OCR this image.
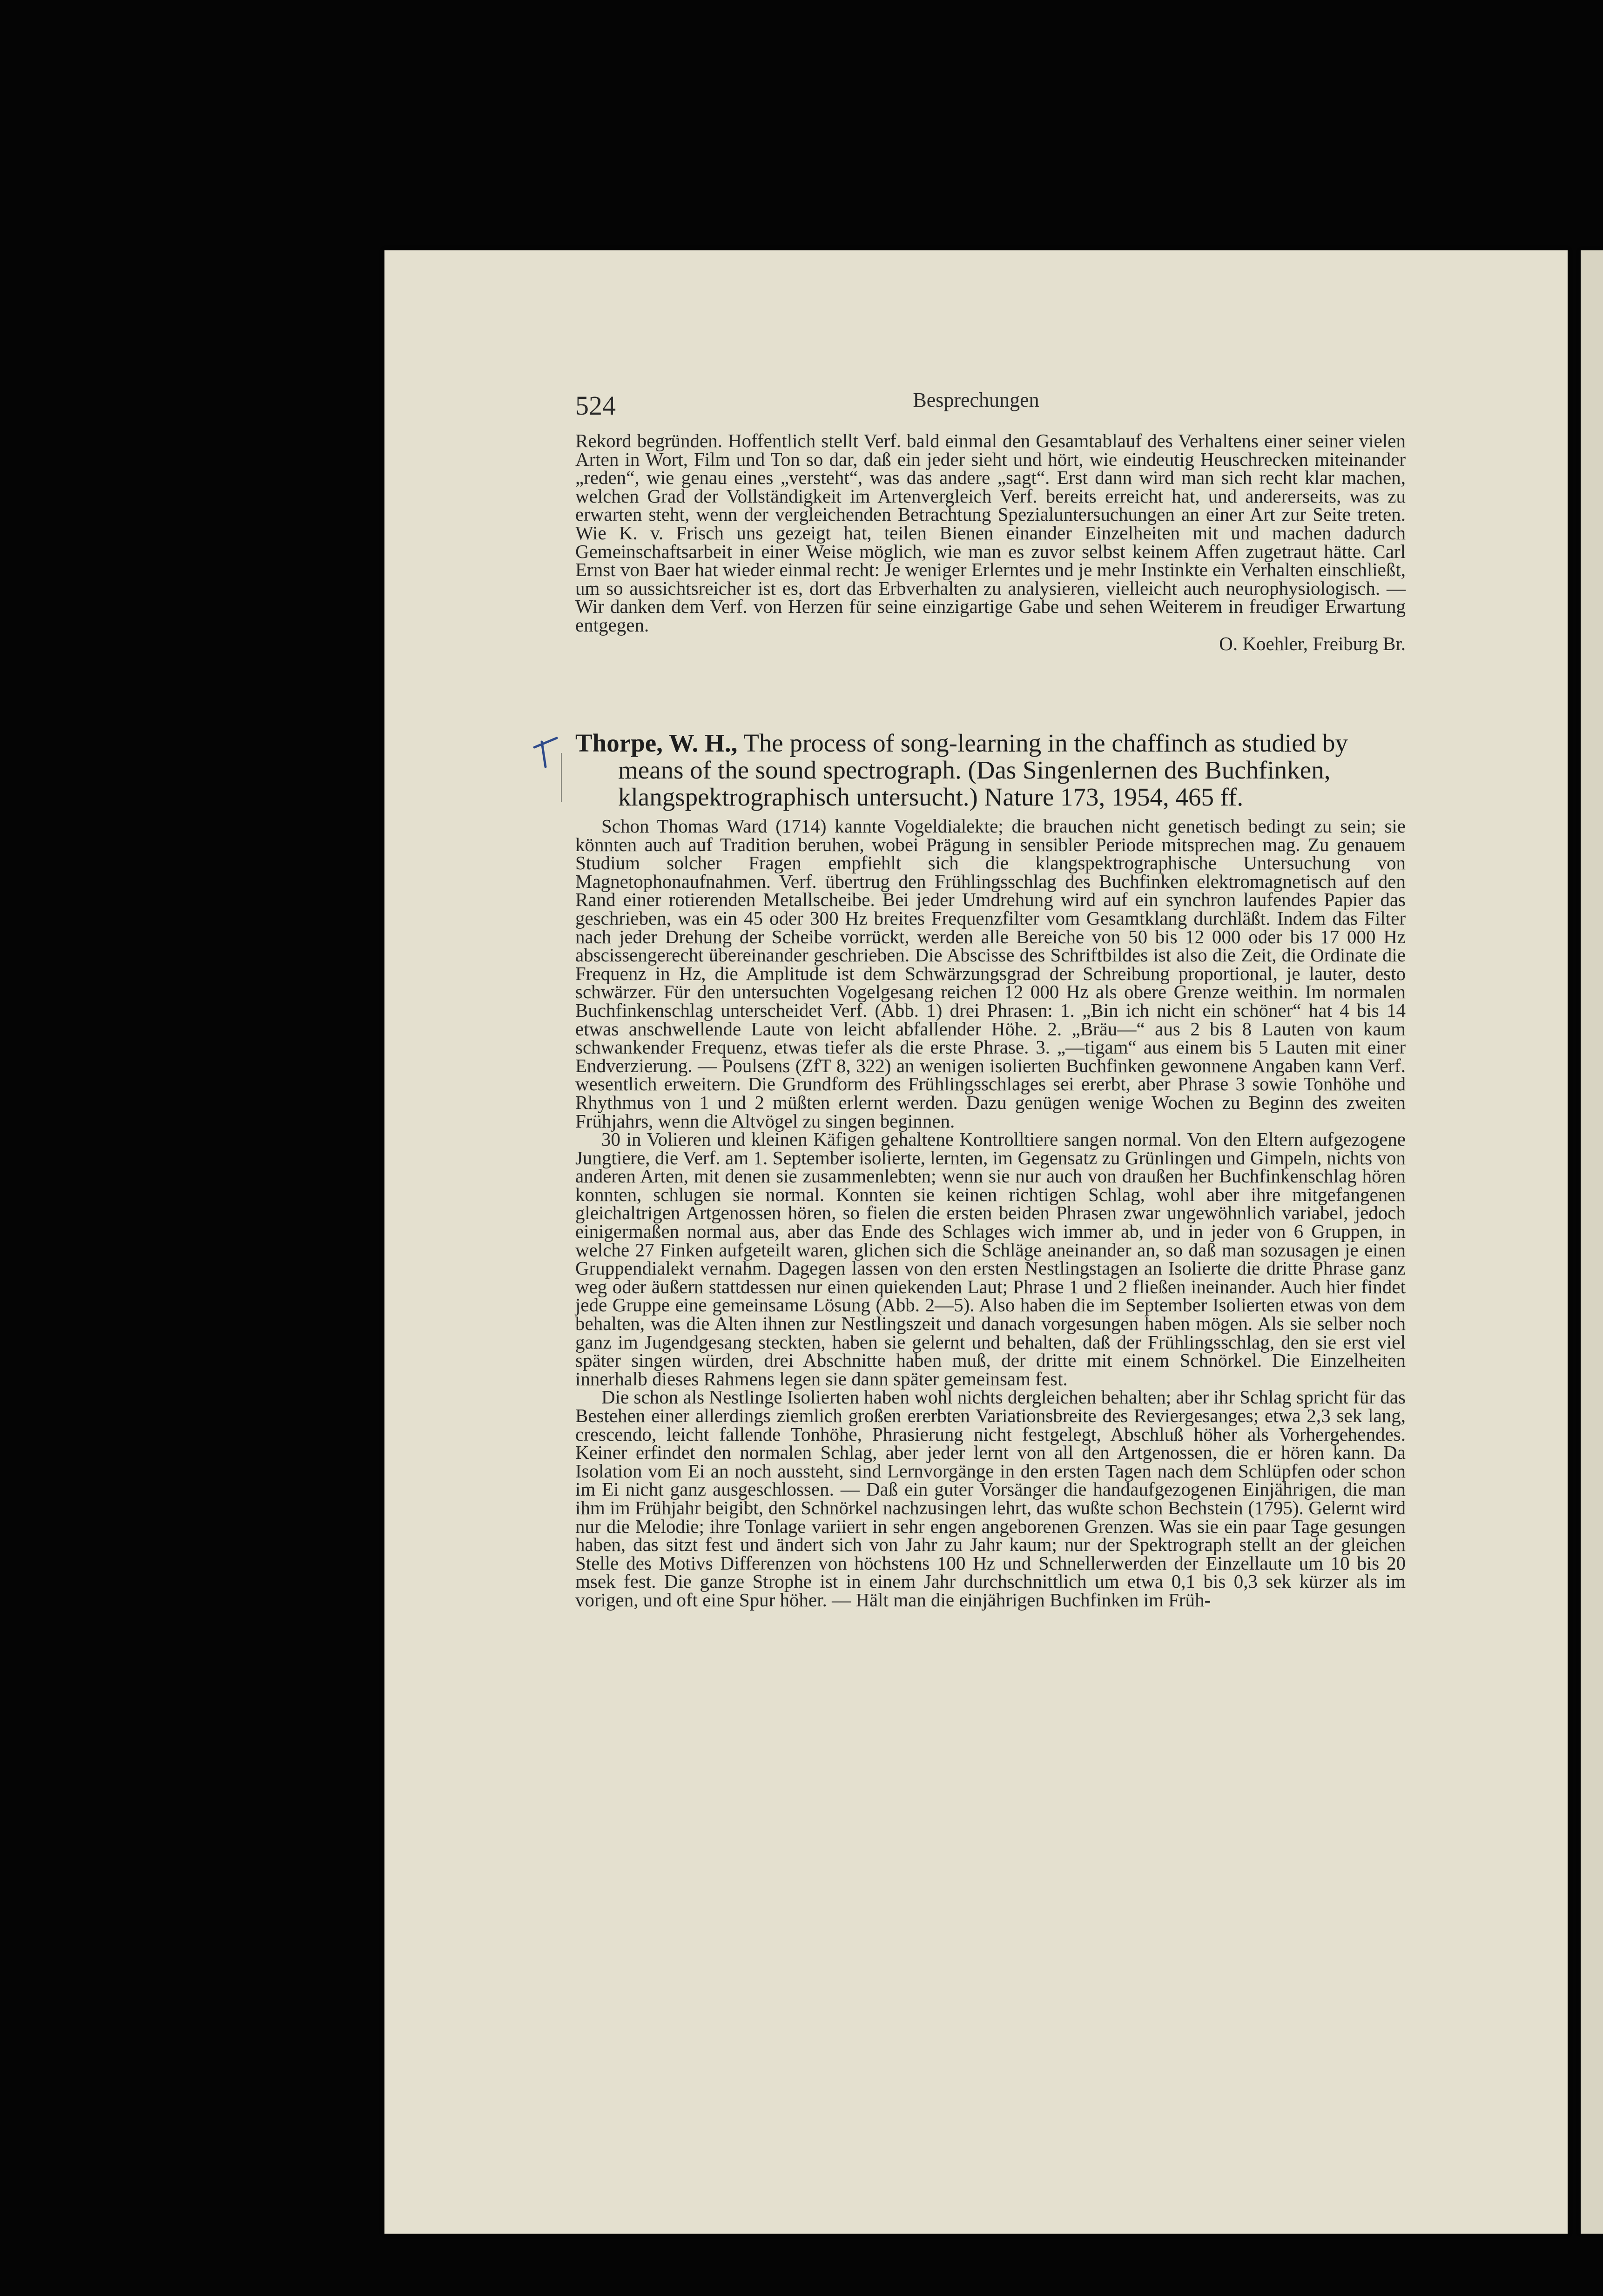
524	Besprechungen

Rekord begründen. Hoffentlich stellt Verf. bald einmal den Gesamtablauf des Verhaltens einer seiner vielen Arten in Wort, Film und Ton so dar, daß ein jeder sieht und hört, wie eindeutig Heuschrecken miteinander „reden“, wie genau eines „versteht“, was das andere „sagt“. Erst dann wird man sich recht klar machen, welchen Grad der Vollständigkeit im Artenvergleich Verf. bereits erreicht hat, und andererseits, was zu erwarten steht, wenn der vergleichenden Betrachtung Spezialuntersuchungen an einer Art zur Seite treten. Wie K. v. Frisch uns gezeigt hat, teilen Bienen einander Einzelheiten mit und machen dadurch Gemeinschaftsarbeit in einer Weise möglich, wie man es zuvor selbst keinem Affen zugetraut hätte. Carl Ernst von Baer hat wieder einmal recht: Je weniger Erlerntes und je mehr Instinkte ein Verhalten einschließt, um so aussichtsreicher ist es, dort das Erbverhalten zu analysieren, vielleicht auch neurophysiologisch. — Wir danken dem Verf. von Herzen für seine einzigartige Gabe und sehen Weiterem in freudiger Erwartung entgegen.

O. Koehler, Freiburg Br.

Thorpe, W. H., The process of song-learning in the chaffinch as studied by means of the sound spectrograph. (Das Singenlernen des Buchfinken, klangspektrographisch untersucht.) Nature 173, 1954, 465 ff.

Schon Thomas Ward (1714) kannte Vogeldialekte; die brauchen nicht genetisch bedingt zu sein; sie könnten auch auf Tradition beruhen, wobei Prägung in sensibler Periode mitsprechen mag. Zu genauem Studium solcher Fragen empfiehlt sich die klangspektrographische Untersuchung von Magnetophonaufnahmen. Verf. übertrug den Frühlingsschlag des Buchfinken elektromagnetisch auf den Rand einer rotierenden Metallscheibe. Bei jeder Umdrehung wird auf ein synchron laufendes Papier das geschrieben, was ein 45 oder 300 Hz breites Frequenzfilter vom Gesamtklang durchläßt. Indem das Filter nach jeder Drehung der Scheibe vorrückt, werden alle Bereiche von 50 bis 12 000 oder bis 17 000 Hz abscissengerecht übereinander geschrieben. Die Abscisse des Schriftbildes ist also die Zeit, die Ordinate die Frequenz in Hz, die Amplitude ist dem Schwärzungsgrad der Schreibung proportional, je lauter, desto schwärzer. Für den untersuchten Vogelgesang reichen 12 000 Hz als obere Grenze weithin. Im normalen Buchfinkenschlag unterscheidet Verf. (Abb. 1) drei Phrasen: 1. „Bin ich nicht ein schöner“ hat 4 bis 14 etwas anschwellende Laute von leicht abfallender Höhe. 2. „Bräu—“ aus 2 bis 8 Lauten von kaum schwankender Frequenz, etwas tiefer als die erste Phrase. 3. „—tigam“ aus einem bis 5 Lauten mit einer Endverzierung. — Poulsens (ZfT 8, 322) an wenigen isolierten Buchfinken gewonnene Angaben kann Verf. wesentlich erweitern. Die Grundform des Frühlingsschlages sei ererbt, aber Phrase 3 sowie Tonhöhe und Rhythmus von 1 und 2 müßten erlernt werden. Dazu genügen wenige Wochen zu Beginn des zweiten Frühjahrs, wenn die Altvögel zu singen beginnen.

30 in Volieren und kleinen Käfigen gehaltene Kontrolltiere sangen normal. Von den Eltern aufgezogene Jungtiere, die Verf. am 1. September isolierte, lernten, im Gegensatz zu Grünlingen und Gimpeln, nichts von anderen Arten, mit denen sie zusammenlebten; wenn sie nur auch von draußen her Buchfinkenschlag hören konnten, schlugen sie normal. Konnten sie keinen richtigen Schlag, wohl aber ihre mitgefangenen gleichaltrigen Artgenossen hören, so fielen die ersten beiden Phrasen zwar ungewöhnlich variabel, jedoch einigermaßen normal aus, aber das Ende des Schlages wich immer ab, und in jeder von 6 Gruppen, in welche 27 Finken aufgeteilt waren, glichen sich die Schläge aneinander an, so daß man sozusagen je einen Gruppendialekt vernahm. Dagegen lassen von den ersten Nestlingstagen an Isolierte die dritte Phrase ganz weg oder äußern stattdessen nur einen quiekenden Laut; Phrase 1 und 2 fließen ineinander. Auch hier findet jede Gruppe eine gemeinsame Lösung (Abb. 2—5). Also haben die im September Isolierten etwas von dem behalten, was die Alten ihnen zur Nestlingszeit und danach vorgesungen haben mögen. Als sie selber noch ganz im Jugendgesang steckten, haben sie gelernt und behalten, daß der Frühlingsschlag, den sie erst viel später singen würden, drei Abschnitte haben muß, der dritte mit einem Schnörkel. Die Einzelheiten innerhalb dieses Rahmens legen sie dann später gemeinsam fest.

Die schon als Nestlinge Isolierten haben wohl nichts dergleichen behalten; aber ihr Schlag spricht für das Bestehen einer allerdings ziemlich großen ererbten Variationsbreite des Reviergesanges; etwa 2,3 sek lang, crescendo, leicht fallende Tonhöhe, Phrasierung nicht festgelegt, Abschluß höher als Vorhergehendes. Keiner erfindet den normalen Schlag, aber jeder lernt von all den Artgenossen, die er hören kann. Da Isolation vom Ei an noch aussteht, sind Lernvorgänge in den ersten Tagen nach dem Schlüpfen oder schon im Ei nicht ganz ausgeschlossen. — Daß ein guter Vorsänger die handaufgezogenen Einjährigen, die man ihm im Frühjahr beigibt, den Schnörkel nachzusingen lehrt, das wußte schon Bechstein (1795). Gelernt wird nur die Melodie; ihre Tonlage variiert in sehr engen angeborenen Grenzen. Was sie ein paar Tage gesungen haben, das sitzt fest und ändert sich von Jahr zu Jahr kaum; nur der Spektrograph stellt an der gleichen Stelle des Motivs Differenzen von höchstens 100 Hz und Schnellerwerden der Einzellaute um 10 bis 20 msek fest. Die ganze Strophe ist in einem Jahr durchschnittlich um etwa 0,1 bis 0,3 sek kürzer als im vorigen, und oft eine Spur höher. — Hält man die einjährigen Buchfinken im Früh-
